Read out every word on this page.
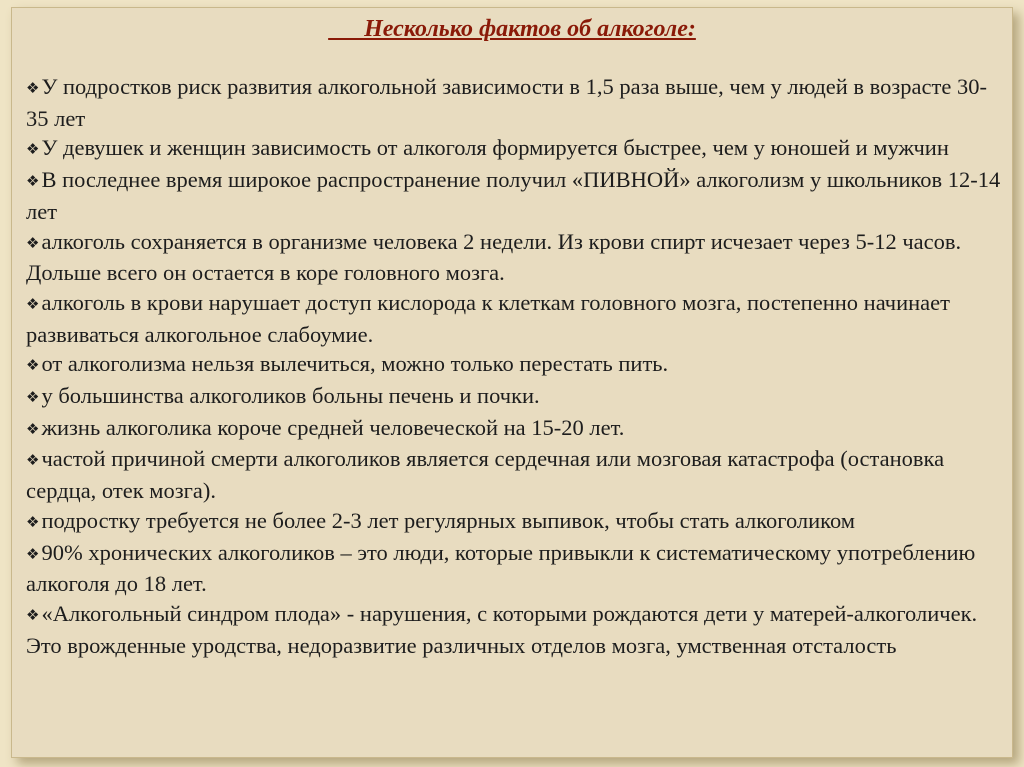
Несколько фактов об алкоголе:
❖У подростков риск развития алкогольной зависимости в 1,5 раза выше, чем у людей в возрасте 30-35 лет
❖У девушек и женщин зависимость от алкоголя формируется быстрее, чем у юношей и мужчин
❖В последнее время широкое распространение получил «ПИВНОЙ» алкоголизм у школьников 12-14 лет
❖алкоголь сохраняется в организме человека 2 недели. Из крови спирт исчезает через 5-12 часов. Дольше всего он остается в коре головного мозга.
❖алкоголь в крови нарушает доступ кислорода к клеткам головного мозга, постепенно начинает развиваться алкогольное слабоумие.
❖от алкоголизма нельзя вылечиться, можно только перестать пить.
❖у большинства алкоголиков больны печень и почки.
❖жизнь алкоголика короче средней человеческой на 15-20 лет.
❖частой причиной смерти алкоголиков является сердечная или мозговая катастрофа (остановка сердца, отек мозга).
❖подростку требуется не более 2-3 лет регулярных выпивок, чтобы стать алкоголиком
❖90% хронических алкоголиков – это люди, которые привыкли к систематическому употреблению алкоголя до 18 лет.
❖«Алкогольный синдром плода» - нарушения, с которыми рождаются дети у матерей-алкоголичек. Это врожденные уродства, недоразвитие различных отделов мозга, умственная отсталость
